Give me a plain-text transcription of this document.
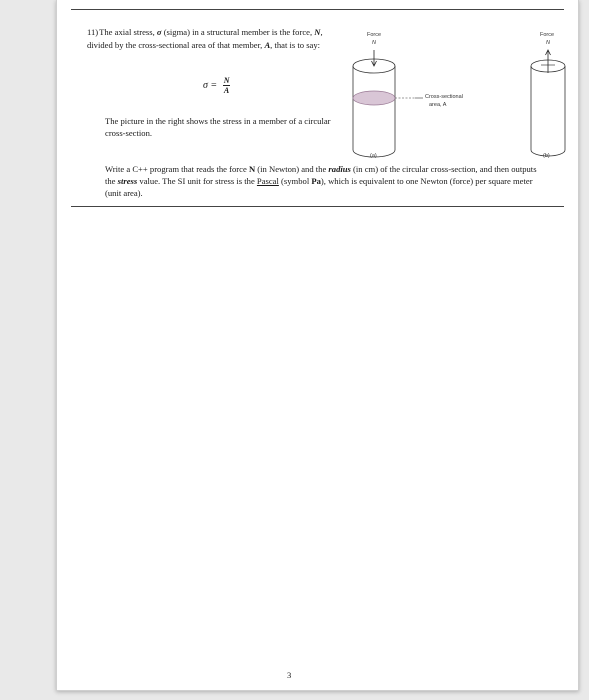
11)The axial stress, σ (sigma) in a structural member is the force, N, divided by the cross-sectional area of that member, A, that is to say:
$\sigma = \frac{N}{A}$
The picture in the right shows the stress in a member of a circular cross-section.
Force
N
Force
N
Cross-sectional
area, A
(a)	(b)
Write a C++ program that reads the force N (in Newton) and the radius (in cm) of the circular cross-section, and then outputs the stress value. The SI unit for stress is the Pascal (symbol Pa), which is equivalent to one Newton (force) per square meter (unit area).
3
